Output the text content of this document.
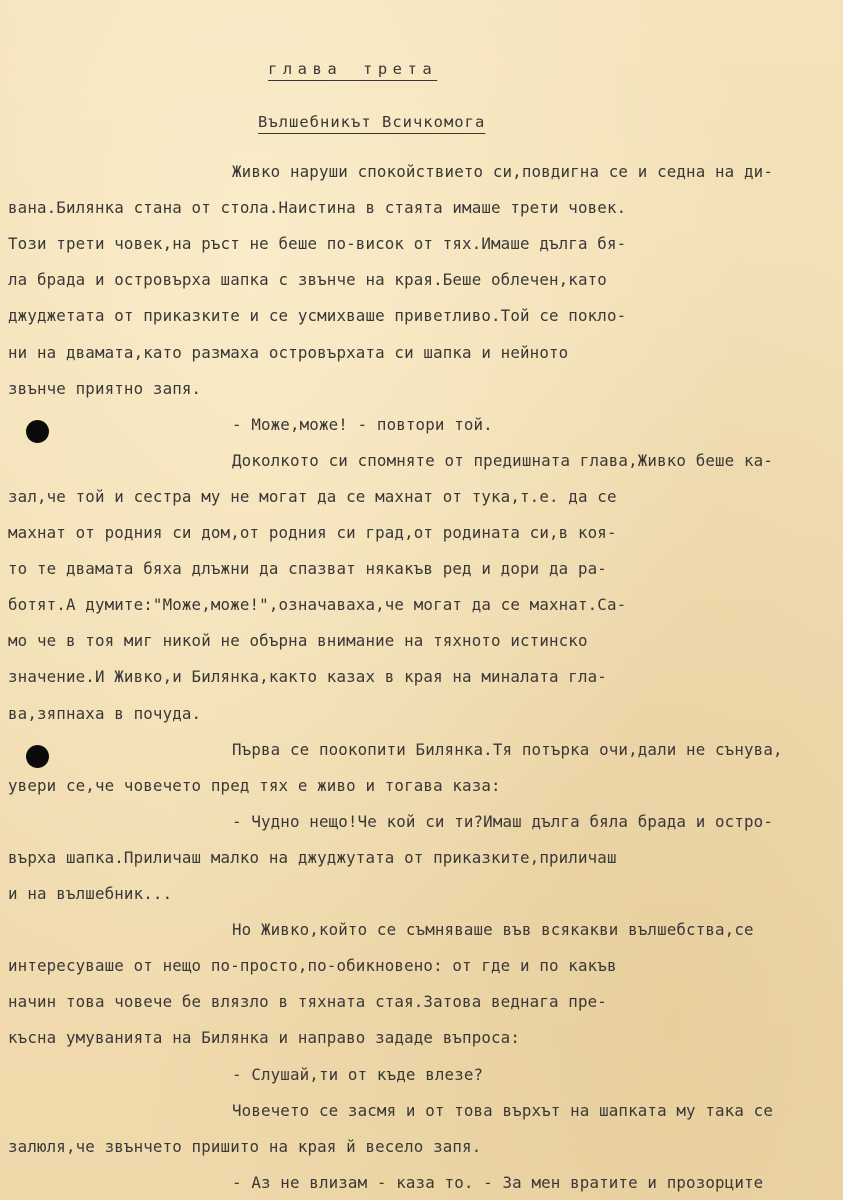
глава трета
Вълшебникът Всичкомога
Живко наруши спокойствието си,повдигна се и седна на ди-
вана.Билянка стана от стола.Наистина в стаята имаше трети човек.
Този трети човек,на ръст не беше по-висок от тях.Имаше дълга бя-
ла брада и островърха шапка с звънче на края.Беше облечен,като
джуджетата от приказките и се усмихваше приветливо.Той се покло-
ни на двамата,като размаха островърхата си шапка и нейното
звънче приятно запя.
- Може,може! - повтори той.
Доколкото си спомняте от предишната глава,Живко беше ка-
зал,че той и сестра му не могат да се махнат от тука,т.е. да се
махнат от родния си дом,от родния си град,от родината си,в коя-
то те двамата бяха длъжни да спазват някакъв ред и дори да ра-
ботят.А думите:"Може,може!",означаваха,че могат да се махнат.Са-
мо че в тоя миг никой не обърна внимание на тяхното истинско
значение.И Живко,и Билянка,както казах в края на миналата гла-
ва,зяпнаха в почуда.
Първа се поокопити Билянка.Тя потърка очи,дали не сънува,
увери се,че човечето пред тях е живо и тогава каза:
- Чудно нещо!Че кой си ти?Имаш дълга бяла брада и остро-
върха шапка.Приличаш малко на джуджутата от приказките,приличаш
и на вълшебник...
Но Живко,който се съмняваше във всякакви вълшебства,се
интересуваше от нещо по-просто,по-обикновено: от где и по какъв
начин това човече бе влязло в тяхната стая.Затова веднага пре-
късна умуванията на Билянка и направо зададе въпроса:
- Слушай,ти от къде влезе?
Човечето се засмя и от това върхът на шапката му така се
залюля,че звънчето пришито на края й весело запя.
- Аз не влизам - каза то. - За мен вратите и прозорците
